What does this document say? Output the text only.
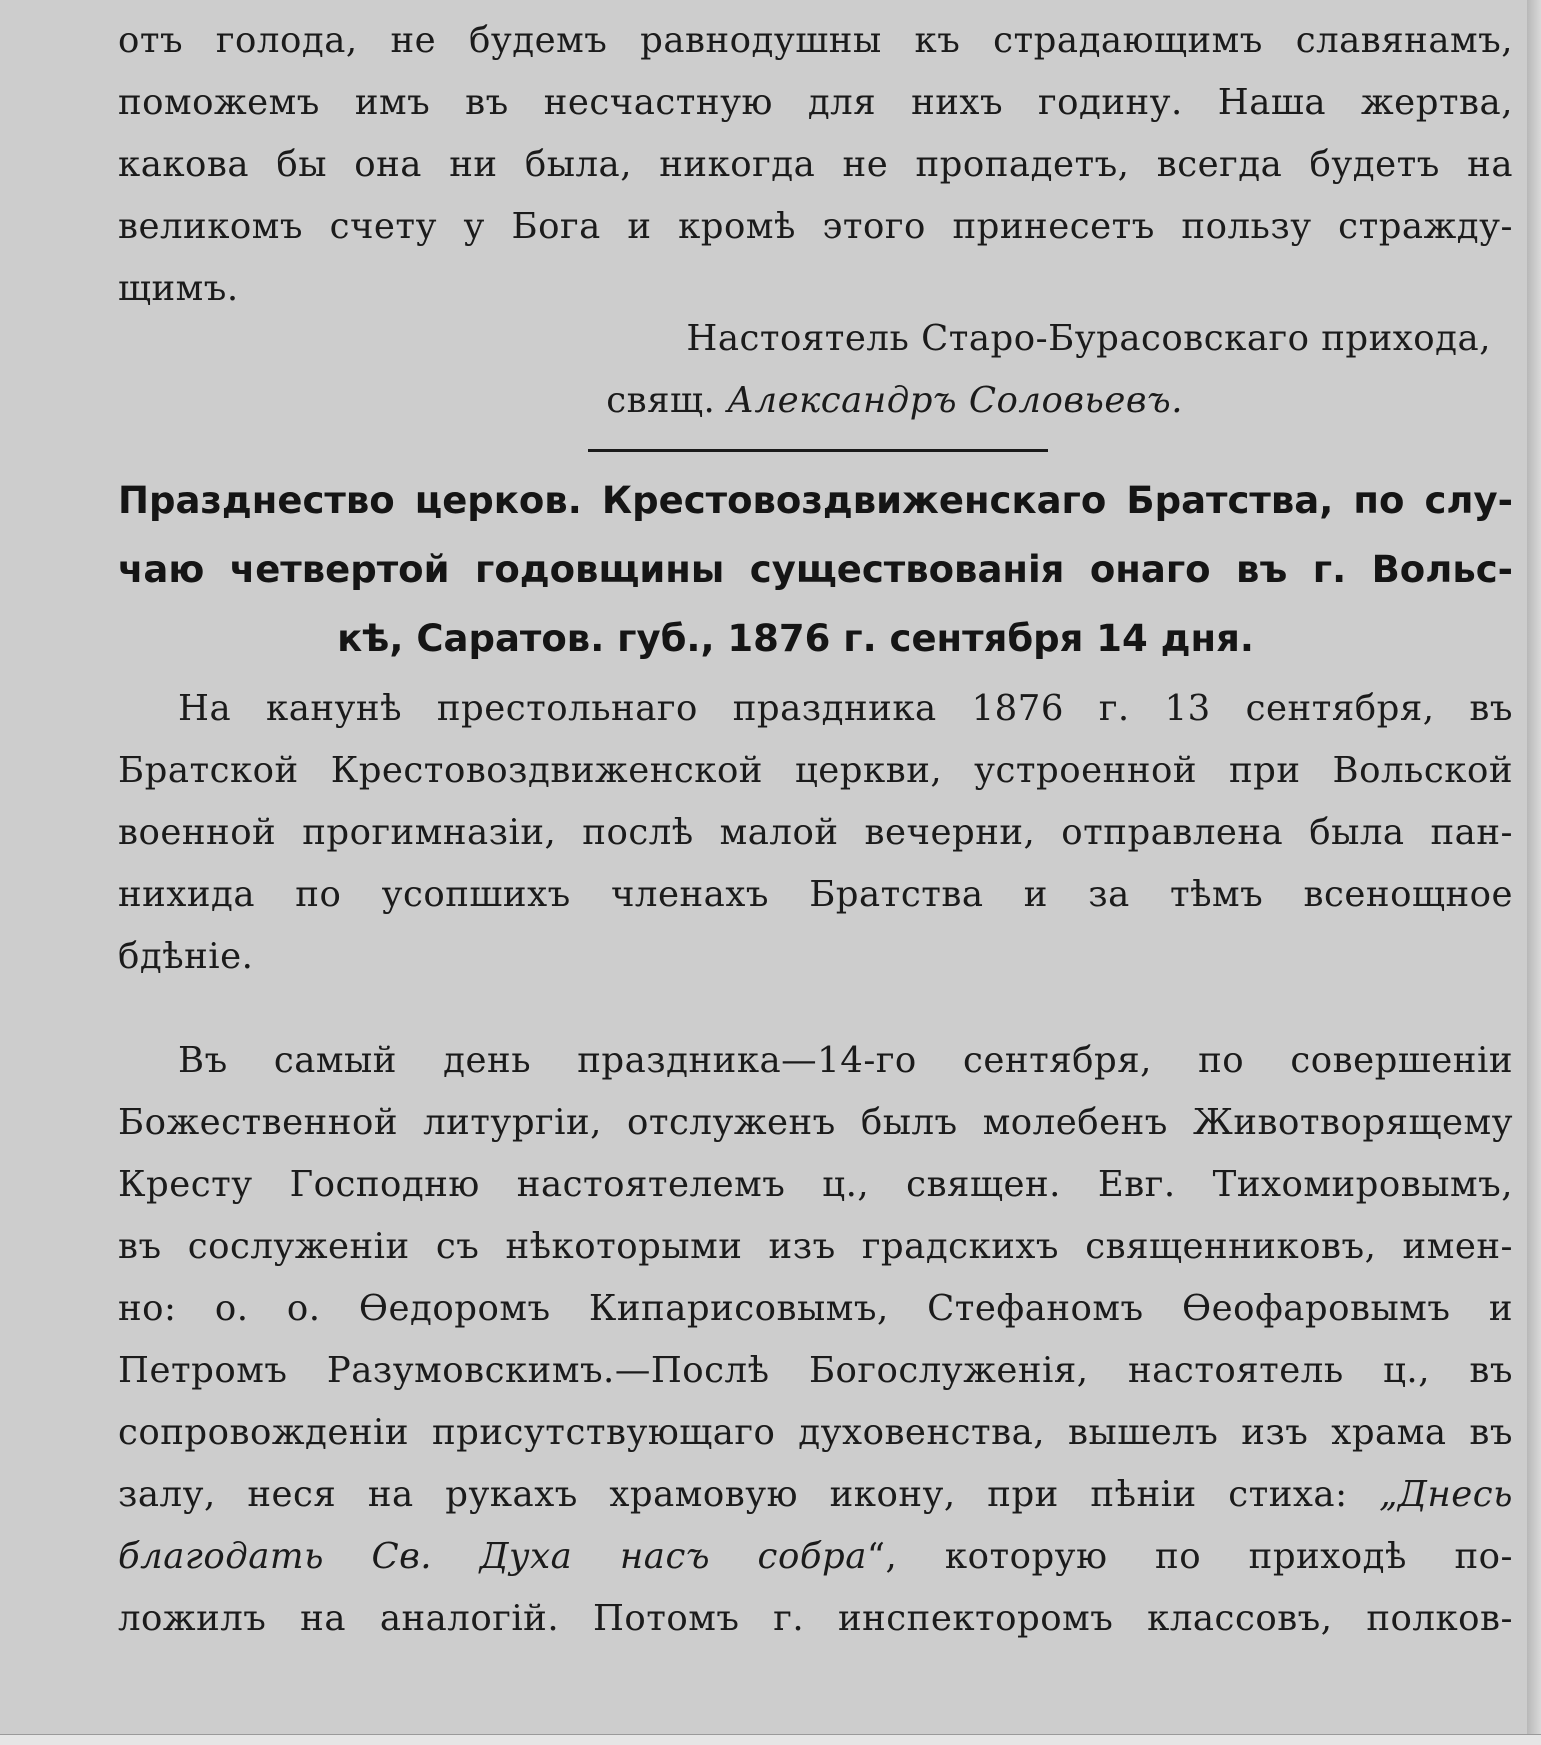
отъ голода, не будемъ равнодушны къ страдающимъ славянамъ,
поможемъ имъ въ несчастную для нихъ годину. Наша жертва,
какова бы она ни была, никогда не пропадетъ, всегда будетъ на
великомъ счету у Бога и кромѣ этого принесетъ пользу стражду-
щимъ.
Настоятель Старо-Бурасовскаго прихода,
свящ. Александръ Соловьевъ.
Празднество церков. Крестовоздвиженскаго Братства, по слу-
чаю четвертой годовщины существованія онаго въ г. Вольс-
кѣ, Саратов. губ., 1876 г. сентября 14 дня.
На канунѣ престольнаго праздника 1876 г. 13 сентября, въ
Братской Крестовоздвиженской церкви, устроенной при Вольской
военной прогимназіи, послѣ малой вечерни, отправлена была пан-
нихида по усопшихъ членахъ Братства и за тѣмъ всенощное
бдѣніе.
Въ самый день праздника—14-го сентября, по совершеніи
Божественной литургіи, отслуженъ былъ молебенъ Животворящему
Кресту Господню настоятелемъ ц., священ. Евг. Тихомировымъ,
въ сослуженіи съ нѣкоторыми изъ градскихъ священниковъ, имен-
но: о. о. Ѳедоромъ Кипарисовымъ, Стефаномъ Ѳеофаровымъ и
Петромъ Разумовскимъ.—Послѣ Богослуженія, настоятель ц., въ
сопровожденіи присутствующаго духовенства, вышелъ изъ храма въ
залу, неся на рукахъ храмовую икону, при пѣніи стиха: „Днесь
благодать Св. Духа насъ собра“, которую по приходѣ по-
ложилъ на аналогій. Потомъ г. инспекторомъ классовъ, полков-
